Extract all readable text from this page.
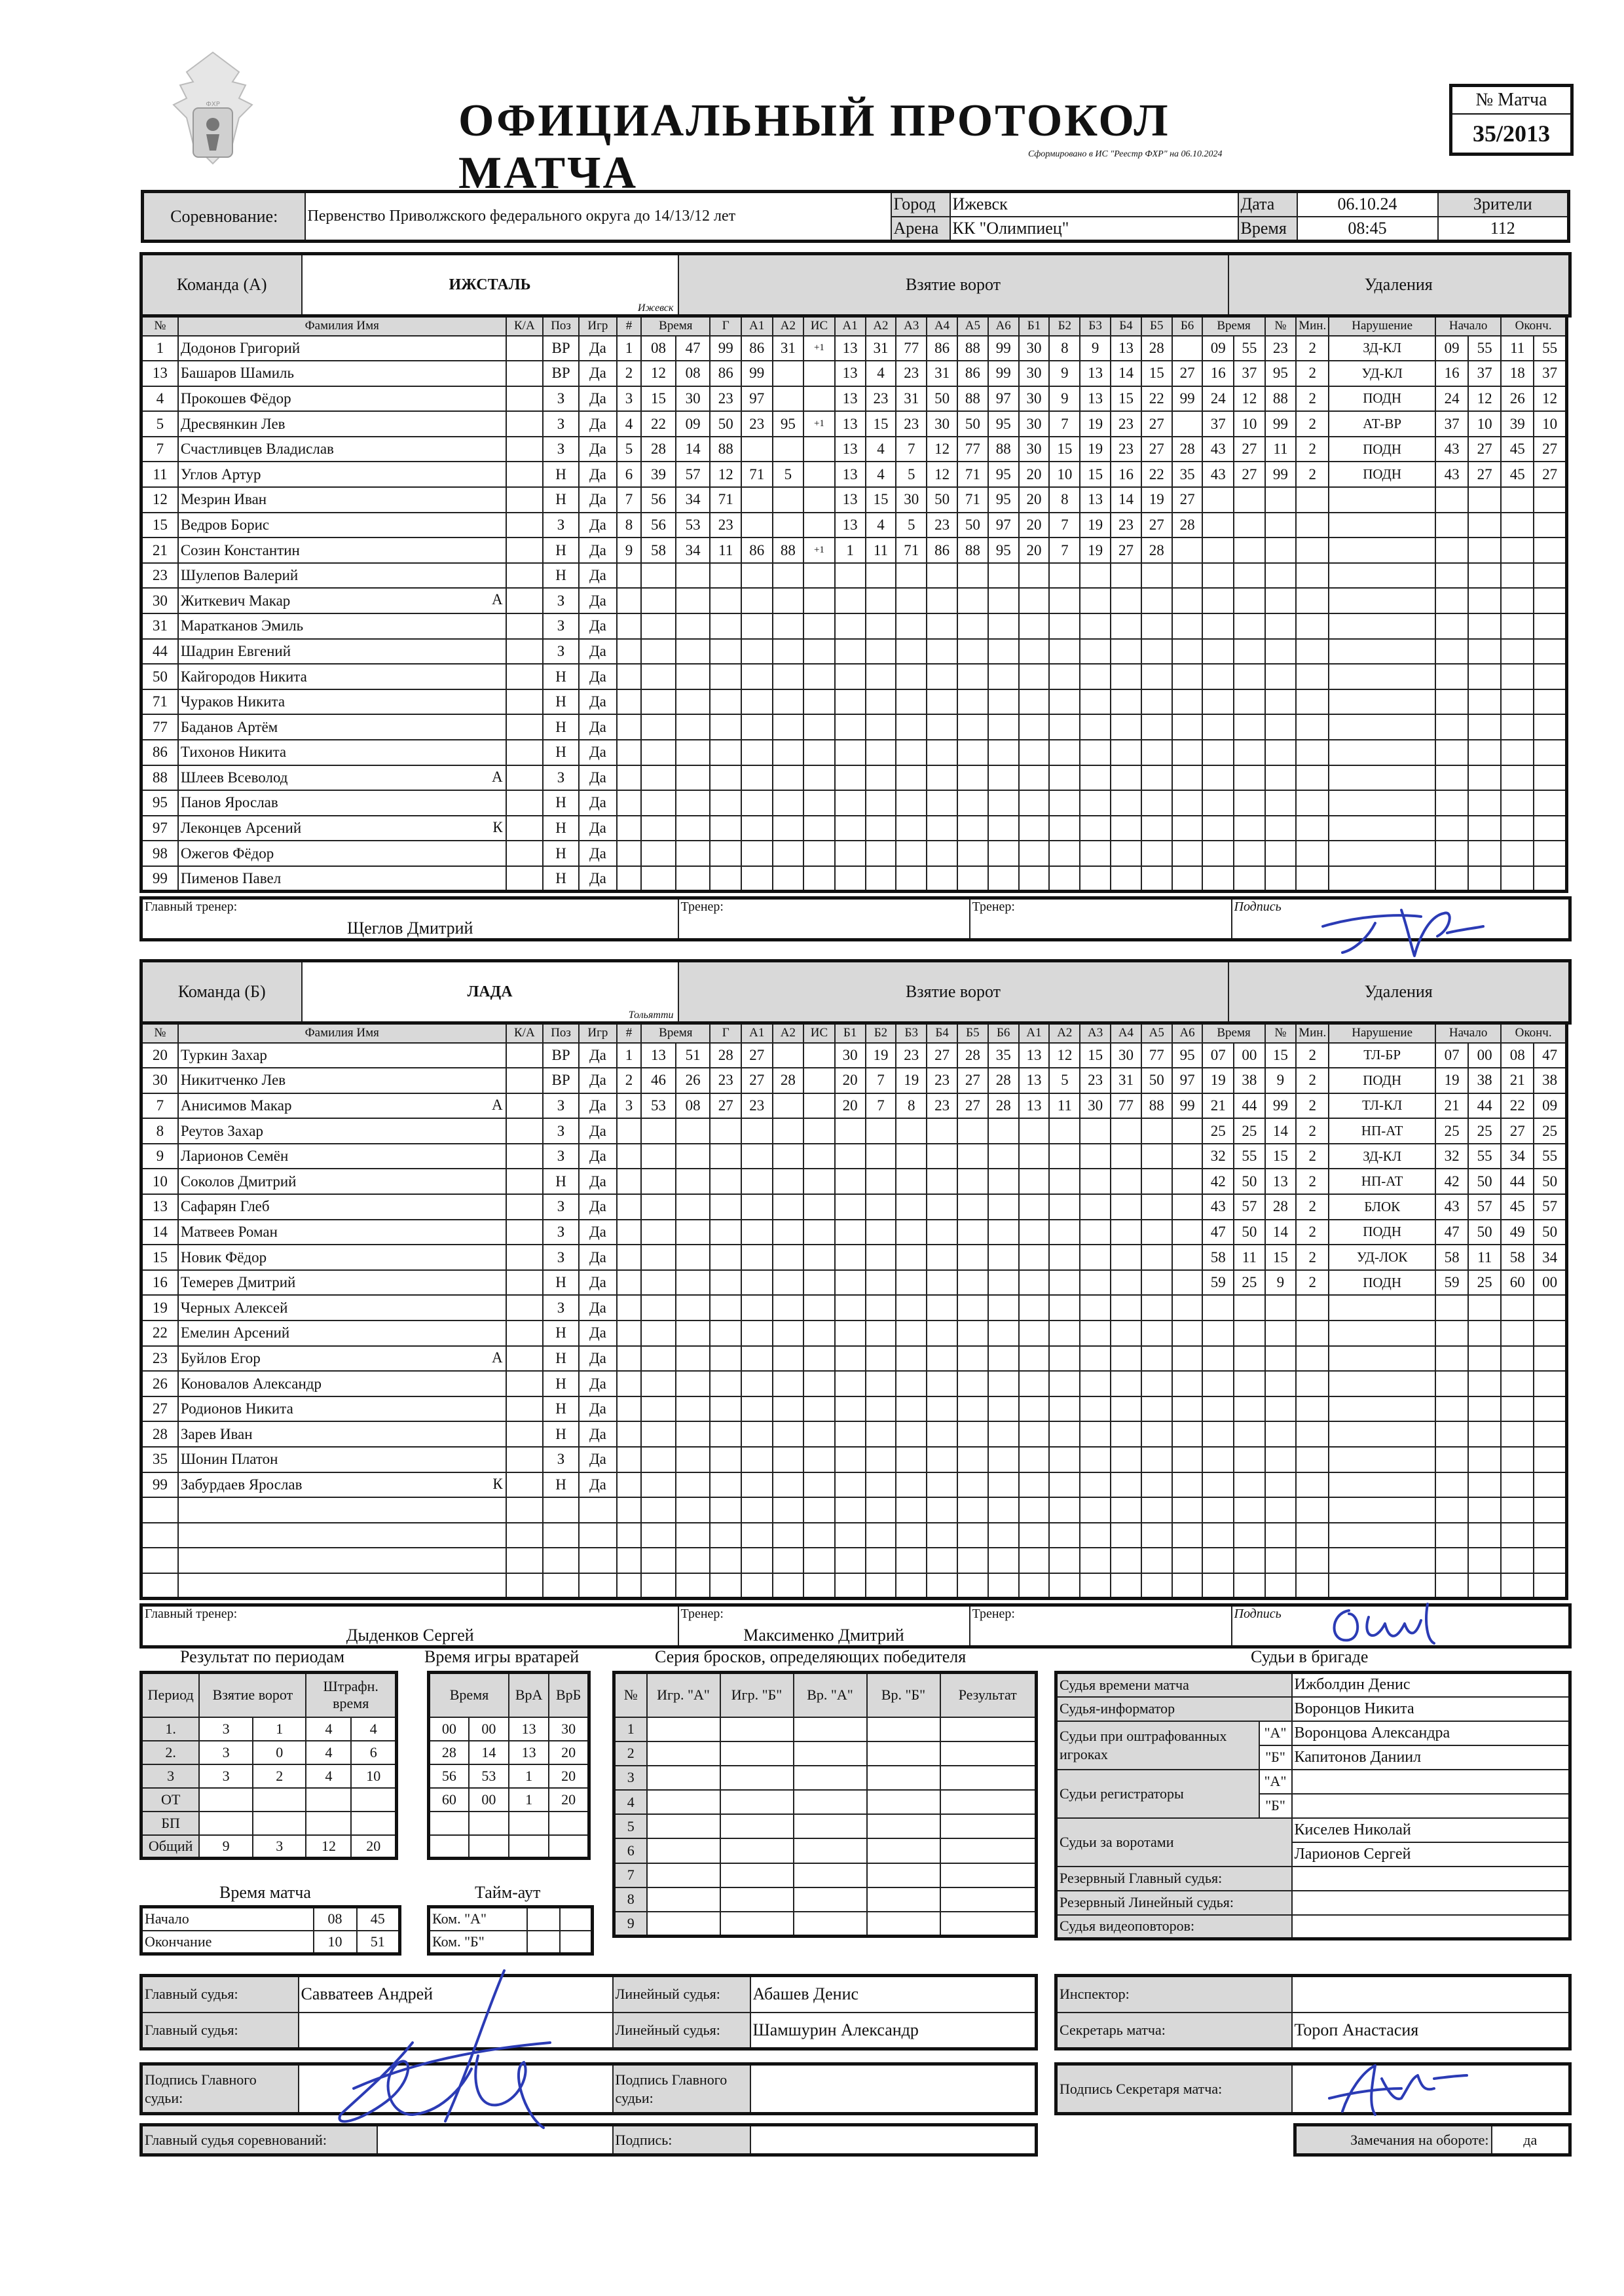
ФХР	ОФИЦИАЛЬНЫЙ ПРОТОКОЛ МАТЧА	Сформировано в ИС "Реестр ФХР" на 06.10.2024
№ Матча
35/2013
Соревнование:	Первенство Приволжского федерального округа до 14/13/12 лет	Город	Ижевск	Дата	06.10.24	Зрители
		Арена	КК "Олимпиец"	Время	08:45	112
Команда (А)	ИЖСТАЛЬ
Ижевск
	Взятие ворот	Удаления
№	Фамилия Имя	К/А	Поз	Игр	#	Время		Г	А1	А2	ИС	А1	А2	А3	А4	А5	А6	Б1	Б2	Б3	Б4	Б5	Б6	Время		№	Мин.	Нарушение	Начало		Оконч.	
1	Додонов Григорий		ВР	Да	1	08	47	99	86	31	+1	13	31	77	86	88	99	30	8	9	13	28		09	55	23	2	ЗД-КЛ	09	55	11	55
13	Башаров Шамиль		ВР	Да	2	12	08	86	99			13	4	23	31	86	99	30	9	13	14	15	27	16	37	95	2	УД-КЛ	16	37	18	37
4	Прокошев Фёдор		З	Да	3	15	30	23	97			13	23	31	50	88	97	30	9	13	15	22	99	24	12	88	2	ПОДН	24	12	26	12
5	Дресвянкин Лев		З	Да	4	22	09	50	23	95	+1	13	15	23	30	50	95	30	7	19	23	27		37	10	99	2	АТ-ВР	37	10	39	10
7	Счастливцев Владислав		З	Да	5	28	14	88				13	4	7	12	77	88	30	15	19	23	27	28	43	27	11	2	ПОДН	43	27	45	27
11	Углов Артур		Н	Да	6	39	57	12	71	5		13	4	5	12	71	95	20	10	15	16	22	35	43	27	99	2	ПОДН	43	27	45	27
12	Мезрин Иван		Н	Да	7	56	34	71				13	15	30	50	71	95	20	8	13	14	19	27									
15	Ведров Борис		З	Да	8	56	53	23				13	4	5	23	50	97	20	7	19	23	27	28									
21	Созин Константин		Н	Да	9	58	34	11	86	88	+1	1	11	71	86	88	95	20	7	19	27	28										
23	Шулепов Валерий		Н	Да																												
30	Житкевич Макар А		З	Да																												
31	Маратканов Эмиль		З	Да																												
44	Шадрин Евгений		З	Да																												
50	Кайгородов Никита		Н	Да																												
71	Чураков Никита		Н	Да																												
77	Баданов Артём		Н	Да																												
86	Тихонов Никита		Н	Да																												
88	Шлеев Всеволод А		З	Да																												
95	Панов Ярослав		Н	Да																												
97	Леконцев Арсений К		Н	Да																												
98	Ожегов Фёдор		Н	Да																												
99	Пименов Павел		Н	Да																												
Главный тренер:
Щеглов Дмитрий

Тренер:	Тренер:	Подпись
Команда (Б)	ЛАДА
Тольятти
	Взятие ворот	Удаления
№	Фамилия Имя	К/А	Поз	Игр	#	Время		Г	А1	А2	ИС	Б1	Б2	Б3	Б4	Б5	Б6	А1	А2	А3	А4	А5	А6	Время		№	Мин.	Нарушение	Начало		Оконч.	
20	Туркин Захар		ВР	Да	1	13	51	28	27			30	19	23	27	28	35	13	12	15	30	77	95	07	00	15	2	ТЛ-БР	07	00	08	47
30	Никитченко Лев		ВР	Да	2	46	26	23	27	28		20	7	19	23	27	28	13	5	23	31	50	97	19	38	9	2	ПОДН	19	38	21	38
7	Анисимов Макар А		З	Да	3	53	08	27	23			20	7	8	23	27	28	13	11	30	77	88	99	21	44	99	2	ТЛ-КЛ	21	44	22	09
8	Реутов Захар		З	Да																				25	25	14	2	НП-АТ	25	25	27	25
9	Ларионов Семён		З	Да																				32	55	15	2	ЗД-КЛ	32	55	34	55
10	Соколов Дмитрий		Н	Да																				42	50	13	2	НП-АТ	42	50	44	50
13	Сафарян Глеб		З	Да																				43	57	28	2	БЛОК	43	57	45	57
14	Матвеев Роман		З	Да																				47	50	14	2	ПОДН	47	50	49	50
15	Новик Фёдор		З	Да																				58	11	15	2	УД-ЛОК	58	11	58	34
16	Темерев Дмитрий		Н	Да																				59	25	9	2	ПОДН	59	25	60	00
19	Черных Алексей		З	Да																												
22	Емелин Арсений		Н	Да																												
23	Буйлов Егор А		Н	Да																												
26	Коновалов Александр		Н	Да																												
27	Родионов Никита		Н	Да																												
28	Зарев Иван		Н	Да																												
35	Шонин Платон		З	Да																												
99	Забурдаев Ярослав К		Н	Да																												

Главный тренер:
Дыденков Сергей

Тренер:
Максименко Дмитрий

Тренер:	Подпись
Результат по периодам
Период	Взятие ворот		Штрафн. время	
1.	3	1	4	4
2.	3	0	4	6
3	3	2	4	10
ОТ				
БП				
Общий	9	3	12	20
Время игры вратарей
Время		ВрА	ВрБ
00	00	13	30
28	14	13	20
56	53	1	20
60	00	1	20

Серия бросков, определяющих победителя
№	Игр. "А"	Игр. "Б"	Вр. "А"	Вр. "Б"	Результат
1					
2					
3					
4					
5					
6					
7					
8					
9					
Время матча
Начало	08	45
Окончание	10	51
Тайм-аут
Ком. "А"		
Ком. "Б"		
Судьи в бригаде
Судья времени матча		Ижболдин Денис
Судья-информатор		Воронцов Никита
Судьи при оштрафованных игроках	"А"	Воронцова Александра
	"Б"	Капитонов Даниил
Судьи регистраторы	"А"	
	"Б"	
Судьи за воротами		Киселев Николай
		Ларионов Сергей
Резервный Главный судья:		
Резервный Линейный судья:		
Судья видеоповторов:		
Главный судья:	Савватеев Андрей	Линейный судья:	Абашев Денис
Главный судья:		Линейный судья:	Шамшурин Александр
Подпись Главного судьи:		Подпись Главного судьи:	
Главный судья соревнований:		Подпись:	
Инспектор:	
Секретарь матча:	Тороп Анастасия
Подпись Секретаря матча:	
Замечания на обороте:	да
